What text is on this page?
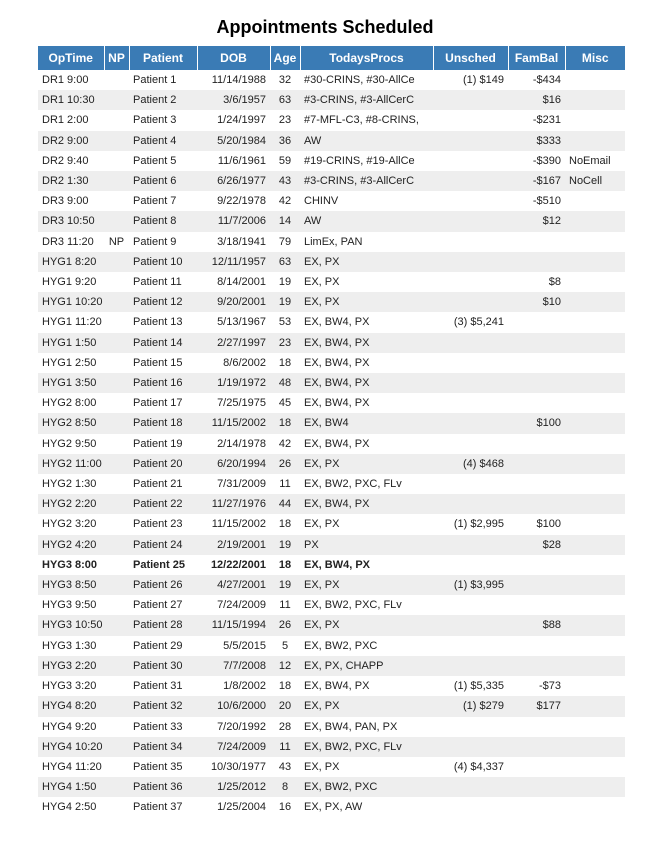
Appointments Scheduled
OpTime	NP	Patient	DOB	Age	TodaysProcs	Unsched	FamBal	Misc
DR1 9:00		Patient 1	11/14/1988	32	#30-CRINS, #30-AllCe	(1) $149	-$434	
DR1 10:30		Patient 2	3/6/1957	63	#3-CRINS, #3-AllCerC		$16	
DR1 2:00		Patient 3	1/24/1997	23	#7-MFL-C3, #8-CRINS,		-$231	
DR2 9:00		Patient 4	5/20/1984	36	AW		$333	
DR2 9:40		Patient 5	11/6/1961	59	#19-CRINS, #19-AllCe		-$390	NoEmail
DR2 1:30		Patient 6	6/26/1977	43	#3-CRINS, #3-AllCerC		-$167	NoCell
DR3 9:00		Patient 7	9/22/1978	42	CHINV		-$510	
DR3 10:50		Patient 8	11/7/2006	14	AW		$12	
DR3 11:20	NP	Patient 9	3/18/1941	79	LimEx, PAN			
HYG1 8:20		Patient 10	12/11/1957	63	EX, PX			
HYG1 9:20		Patient 11	8/14/2001	19	EX, PX		$8	
HYG1 10:20		Patient 12	9/20/2001	19	EX, PX		$10	
HYG1 11:20		Patient 13	5/13/1967	53	EX, BW4, PX	(3) $5,241		
HYG1 1:50		Patient 14	2/27/1997	23	EX, BW4, PX			
HYG1 2:50		Patient 15	8/6/2002	18	EX, BW4, PX			
HYG1 3:50		Patient 16	1/19/1972	48	EX, BW4, PX			
HYG2 8:00		Patient 17	7/25/1975	45	EX, BW4, PX			
HYG2 8:50		Patient 18	11/15/2002	18	EX, BW4		$100	
HYG2 9:50		Patient 19	2/14/1978	42	EX, BW4, PX			
HYG2 11:00		Patient 20	6/20/1994	26	EX, PX	(4) $468		
HYG2 1:30		Patient 21	7/31/2009	11	EX, BW2, PXC, FLv			
HYG2 2:20		Patient 22	11/27/1976	44	EX, BW4, PX			
HYG2 3:20		Patient 23	11/15/2002	18	EX, PX	(1) $2,995	$100	
HYG2 4:20		Patient 24	2/19/2001	19	PX		$28	
HYG3 8:00		Patient 25	12/22/2001	18	EX, BW4, PX			
HYG3 8:50		Patient 26	4/27/2001	19	EX, PX	(1) $3,995		
HYG3 9:50		Patient 27	7/24/2009	11	EX, BW2, PXC, FLv			
HYG3 10:50		Patient 28	11/15/1994	26	EX, PX		$88	
HYG3 1:30		Patient 29	5/5/2015	5	EX, BW2, PXC			
HYG3 2:20		Patient 30	7/7/2008	12	EX, PX, CHAPP			
HYG3 3:20		Patient 31	1/8/2002	18	EX, BW4, PX	(1) $5,335	-$73	
HYG4 8:20		Patient 32	10/6/2000	20	EX, PX	(1) $279	$177	
HYG4 9:20		Patient 33	7/20/1992	28	EX, BW4, PAN, PX			
HYG4 10:20		Patient 34	7/24/2009	11	EX, BW2, PXC, FLv			
HYG4 11:20		Patient 35	10/30/1977	43	EX, PX	(4) $4,337		
HYG4 1:50		Patient 36	1/25/2012	8	EX, BW2, PXC			
HYG4 2:50		Patient 37	1/25/2004	16	EX, PX, AW			
